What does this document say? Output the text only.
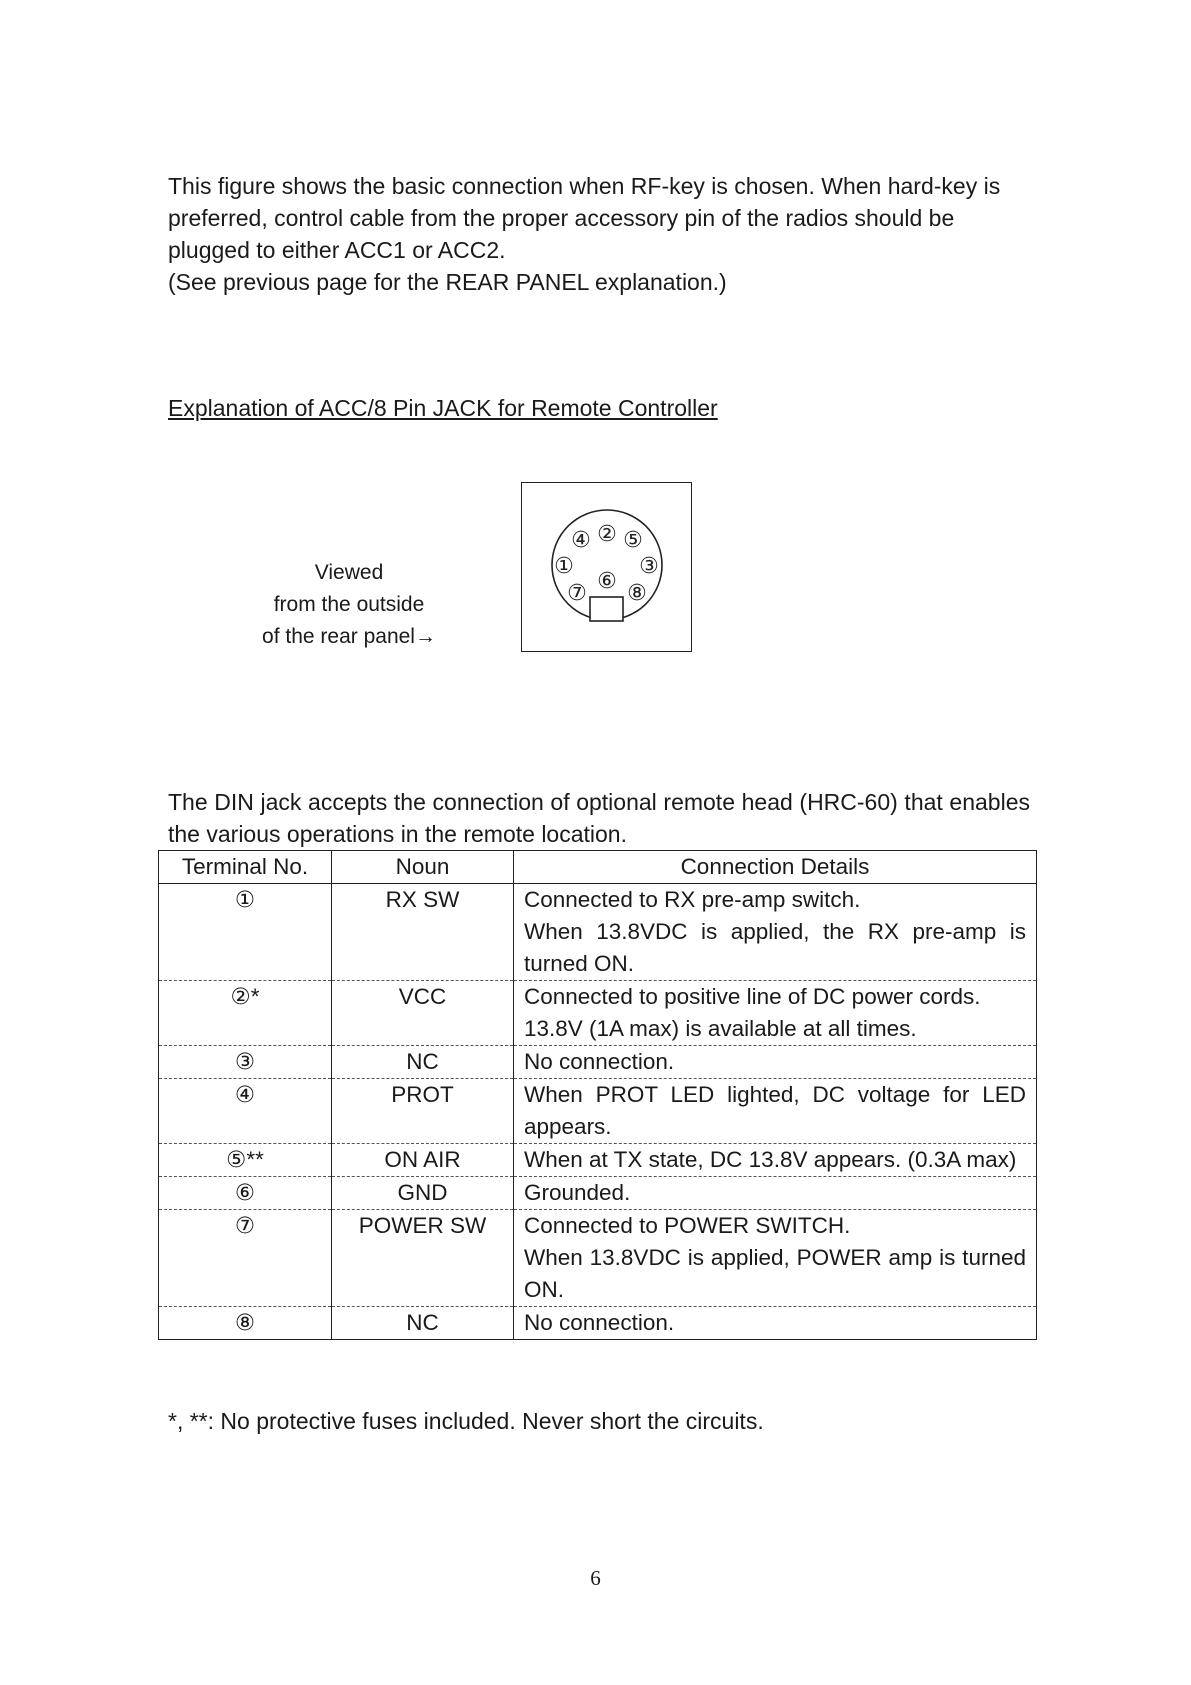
This figure shows the basic connection when RF-key is chosen. When hard-key is preferred, control cable from the proper accessory pin of the radios should be plugged to either ACC1 or ACC2.

(See previous page for the REAR PANEL explanation.)

Explanation of ACC/8 Pin JACK for Remote Controller
Viewed
from the outside
of the rear panel→
①
②
③
④ ⑤
⑥
⑦ ⑧

The DIN jack accepts the connection of optional remote head (HRC-60) that enables the various operations in the remote location.

Terminal No.	Noun	Connection Details
①	RX SW	Connected to RX pre-amp switch.
When 13.8VDC is applied, the RX pre-amp is turned ON.

②*	VCC	Connected to positive line of DC power cords.
13.8V (1A max) is available at all times.

③	NC	No connection.

④	PROT	When PROT LED lighted, DC voltage for LED appears.

⑤**	ON AIR	When at TX state, DC 13.8V appears. (0.3A max)

⑥	GND	Grounded.

⑦	POWER SW	Connected to POWER SWITCH.
When 13.8VDC is applied, POWER amp is turned ON.

⑧	NC	No connection.

*, **: No protective fuses included. Never short the circuits.

6
